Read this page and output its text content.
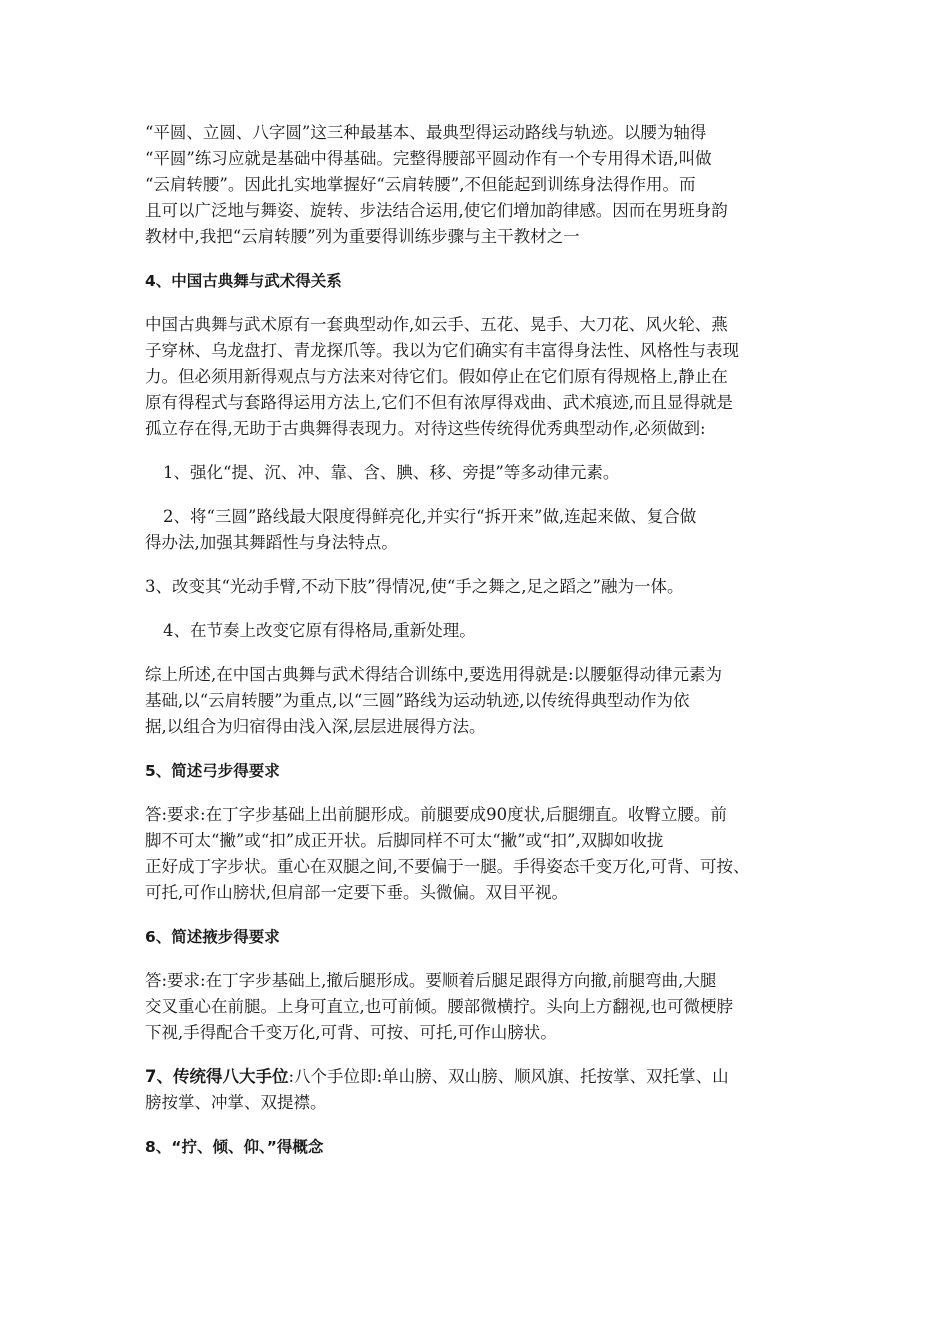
“平圆、立圆、八字圆”这三种最基本、最典型得运动路线与轨迹。以腰为轴得
“平圆”练习应就是基础中得基础。完整得腰部平圆动作有一个专用得术语,叫做
“云肩转腰”。因此扎实地掌握好“云肩转腰”,不但能起到训练身法得作用。而
且可以广泛地与舞姿、旋转、步法结合运用,使它们增加韵律感。因而在男班身韵
教材中,我把“云肩转腰”列为重要得训练步骤与主干教材之一

4、中国古典舞与武术得关系

中国古典舞与武术原有一套典型动作,如云手、五花、晃手、大刀花、风火轮、燕
子穿林、乌龙盘打、青龙探爪等。我以为它们确实有丰富得身法性、风格性与表现
力。但必须用新得观点与方法来对待它们。假如停止在它们原有得规格上,静止在
原有得程式与套路得运用方法上,它们不但有浓厚得戏曲、武术痕迹,而且显得就是
孤立存在得,无助于古典舞得表现力。对待这些传统得优秀典型动作,必须做到:

1、强化“提、沉、冲、靠、含、腆、移、旁提”等多动律元素。

2、将“三圆”路线最大限度得鲜亮化,并实行“拆开来”做,连起来做、复合做
得办法,加强其舞蹈性与身法特点。

3、改变其“光动手臂,不动下肢”得情况,使“手之舞之,足之蹈之”融为一体。

4、在节奏上改变它原有得格局,重新处理。

综上所述,在中国古典舞与武术得结合训练中,要选用得就是:以腰躯得动律元素为
基础,以“云肩转腰”为重点,以“三圆”路线为运动轨迹,以传统得典型动作为依
据,以组合为归宿得由浅入深,层层进展得方法。

5、简述弓步得要求

答:要求:在丁字步基础上出前腿形成。前腿要成90度状,后腿绷直。收臀立腰。前
脚不可太“撇”或“扣”成正开状。后脚同样不可太“撇”或“扣”,双脚如收拢
正好成丁字步状。重心在双腿之间,不要偏于一腿。手得姿态千变万化,可背、可按、
可托,可作山膀状,但肩部一定要下垂。头微偏。双目平视。

6、简述掖步得要求

答:要求:在丁字步基础上,撤后腿形成。要顺着后腿足跟得方向撤,前腿弯曲,大腿
交叉重心在前腿。上身可直立,也可前倾。腰部微横拧。头向上方翻视,也可微梗脖
下视,手得配合千变万化,可背、可按、可托,可作山膀状。

7、传统得八大手位:八个手位即:单山膀、双山膀、顺风旗、托按掌、双托掌、山
膀按掌、冲掌、双提襟。

8、“拧、倾、仰、”得概念
